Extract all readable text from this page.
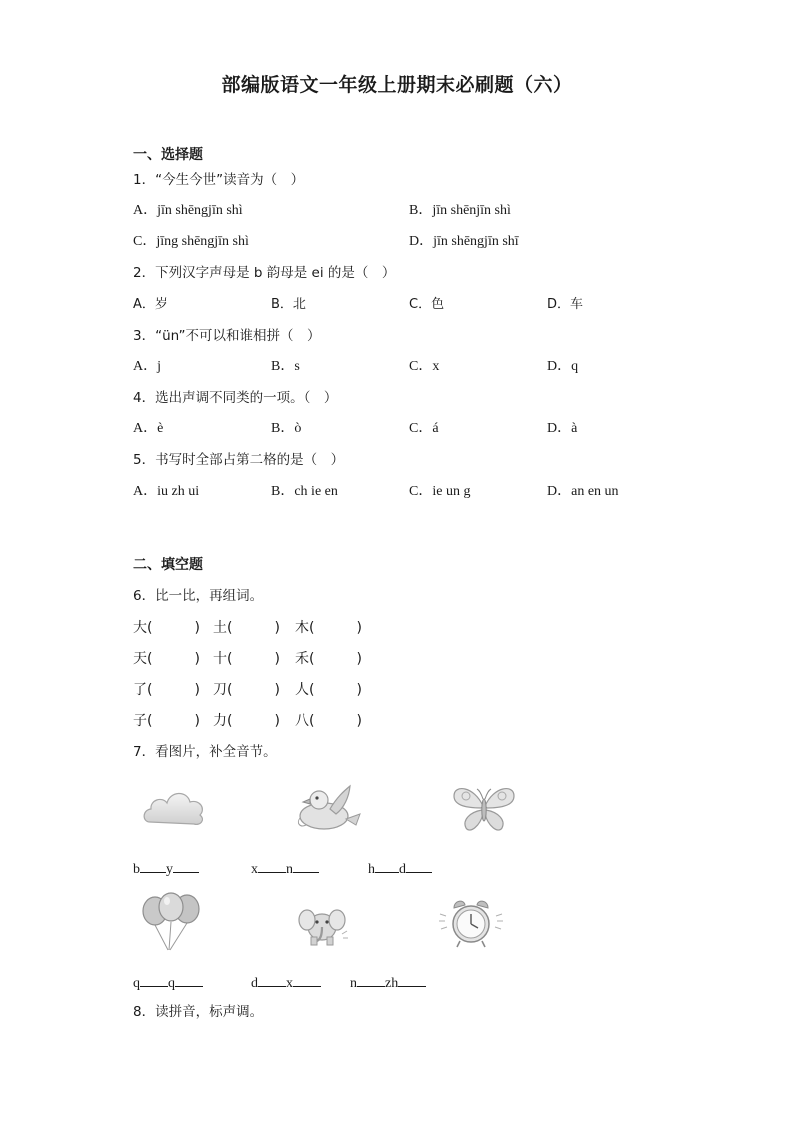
部编版语文一年级上册期末必刷题（六）
一、选择题
1．“今生今世”读音为（　）
A．jīn shēngjīn shì	B．jīn shēnjīn shì
C．jīng shēngjīn shì	D．jīn shēngjīn shī
2．下列汉字声母是 b 韵母是 ei 的是（　）
A．岁	B．北	C．色	D．车
3．“ün”不可以和谁相拼（　）
A．j	B．s	C．x	D．q
4．选出声调不同类的一项。（　）
A．è	B．ò	C．á	D．à
5．书写时全部占第二格的是（　）
A．iu zh ui	B．ch ie en	C．ie un g	D．an en un
二、填空题
6．比一比，再组词。
大(　　　) 土(　　　) 木(　　　)
天(　　　) 十(　　　) 禾(　　　)
了(　　　) 刀(　　　) 人(　　　)
子(　　　) 力(　　　) 八(　　　)
7．看图片，补全音节。
b y	x n	h d
q q	d x	n zh
8．读拼音，标声调。
